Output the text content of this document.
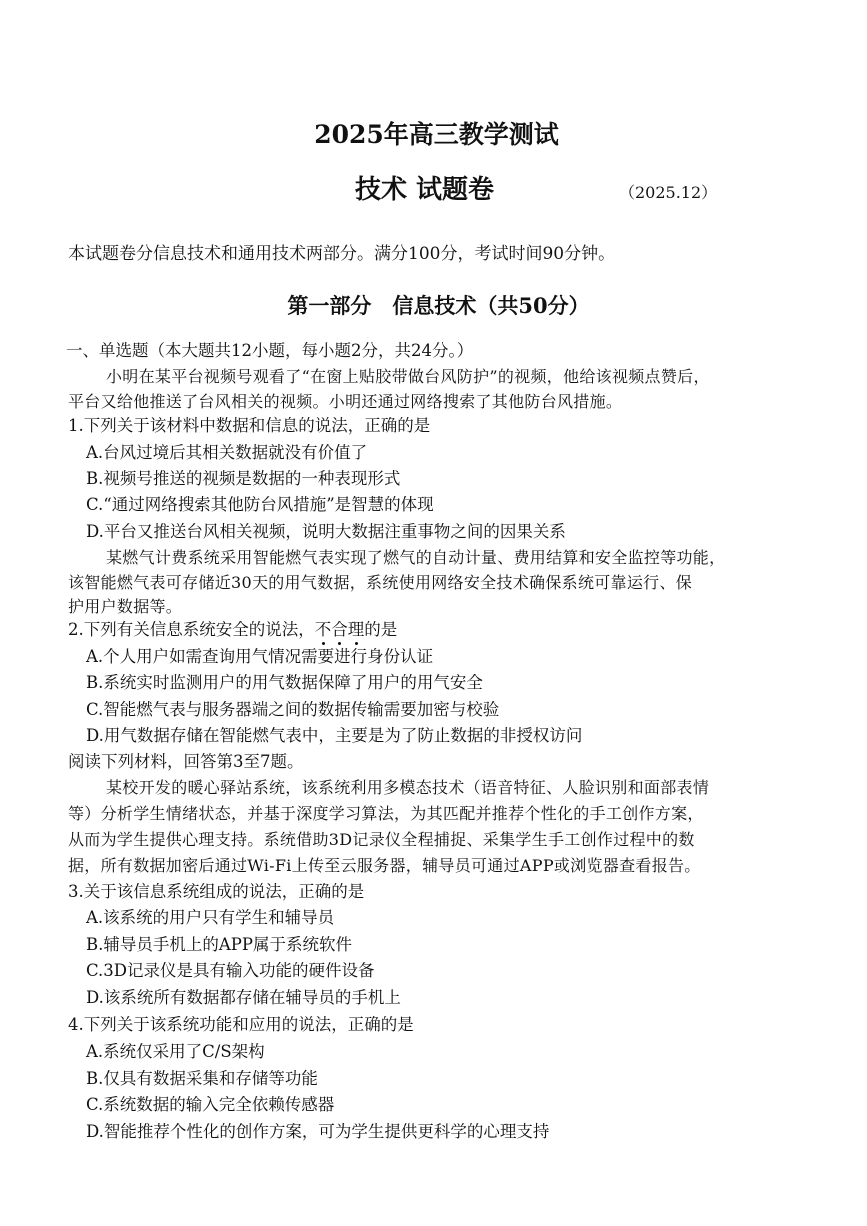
2025年高三教学测试
技术 试题卷	（2025.12）
本试题卷分信息技术和通用技术两部分。满分100分，考试时间90分钟。
第一部分　信息技术（共50分）
一、单选题（本大题共12小题，每小题2分，共24分。）
小明在某平台视频号观看了“在窗上贴胶带做台风防护”的视频，他给该视频点赞后，
平台又给他推送了台风相关的视频。小明还通过网络搜索了其他防台风措施。
1.下列关于该材料中数据和信息的说法，正确的是
A.台风过境后其相关数据就没有价值了
B.视频号推送的视频是数据的一种表现形式
C.“通过网络搜索其他防台风措施”是智慧的体现
D.平台又推送台风相关视频，说明大数据注重事物之间的因果关系
某燃气计费系统采用智能燃气表实现了燃气的自动计量、费用结算和安全监控等功能，
该智能燃气表可存储近30天的用气数据，系统使用网络安全技术确保系统可靠运行、保
护用户数据等。
2.下列有关信息系统安全的说法，不合理的是
A.个人用户如需查询用气情况需要进行身份认证
B.系统实时监测用户的用气数据保障了用户的用气安全
C.智能燃气表与服务器端之间的数据传输需要加密与校验
D.用气数据存储在智能燃气表中，主要是为了防止数据的非授权访问
阅读下列材料，回答第3至7题。
某校开发的暖心驿站系统，该系统利用多模态技术（语音特征、人脸识别和面部表情
等）分析学生情绪状态，并基于深度学习算法，为其匹配并推荐个性化的手工创作方案，
从而为学生提供心理支持。系统借助3D记录仪全程捕捉、采集学生手工创作过程中的数
据，所有数据加密后通过Wi-Fi上传至云服务器，辅导员可通过APP或浏览器查看报告。
3.关于该信息系统组成的说法，正确的是
A.该系统的用户只有学生和辅导员
B.辅导员手机上的APP属于系统软件
C.3D记录仪是具有输入功能的硬件设备
D.该系统所有数据都存储在辅导员的手机上
4.下列关于该系统功能和应用的说法，正确的是
A.系统仅采用了C/S架构
B.仅具有数据采集和存储等功能
C.系统数据的输入完全依赖传感器
D.智能推荐个性化的创作方案，可为学生提供更科学的心理支持
